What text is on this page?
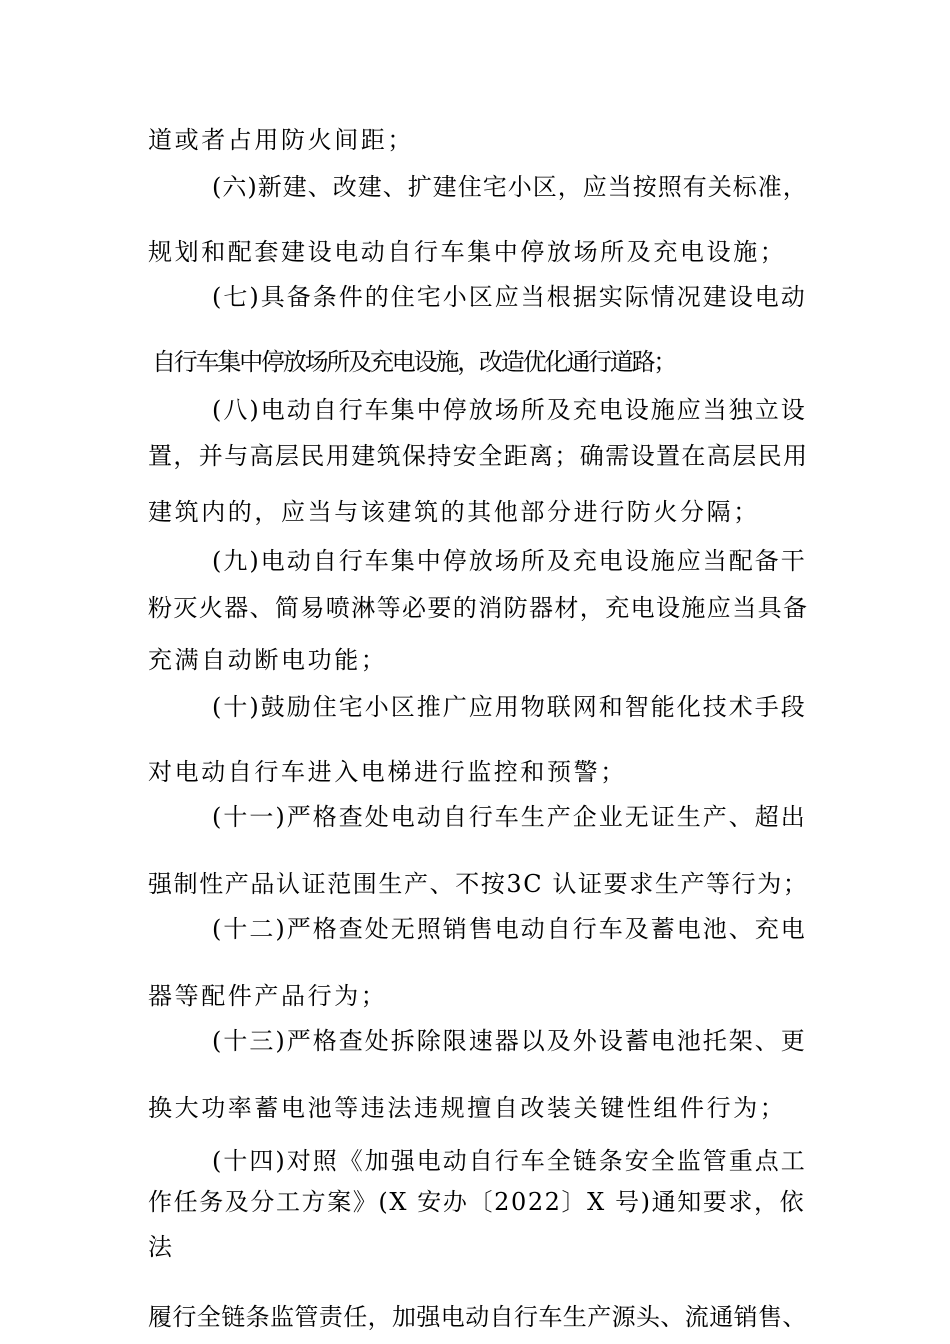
道或者占用防火间距；
(六)新建、改建、扩建住宅小区，应当按照有关标准，
规划和配套建设电动自行车集中停放场所及充电设施；
(七)具备条件的住宅小区应当根据实际情况建设电动
自行车集中停放场所及充电设施，改造优化通行道路；
(八)电动自行车集中停放场所及充电设施应当独立设
置，并与高层民用建筑保持安全距离；确需设置在高层民用
建筑内的，应当与该建筑的其他部分进行防火分隔；
(九)电动自行车集中停放场所及充电设施应当配备干
粉灭火器、简易喷淋等必要的消防器材，充电设施应当具备
充满自动断电功能；
(十)鼓励住宅小区推广应用物联网和智能化技术手段
对电动自行车进入电梯进行监控和预警；
(十一)严格查处电动自行车生产企业无证生产、超出
强制性产品认证范围生产、不按3C 认证要求生产等行为；
(十二)严格查处无照销售电动自行车及蓄电池、充电
器等配件产品行为；
(十三)严格查处拆除限速器以及外设蓄电池托架、更
换大功率蓄电池等违法违规擅自改装关键性组件行为；
(十四)对照《加强电动自行车全链条安全监管重点工
作任务及分工方案》(X 安办〔2022〕X 号)通知要求，依
法
履行全链条监管责任，加强电动自行车生产源头、流通销售、
